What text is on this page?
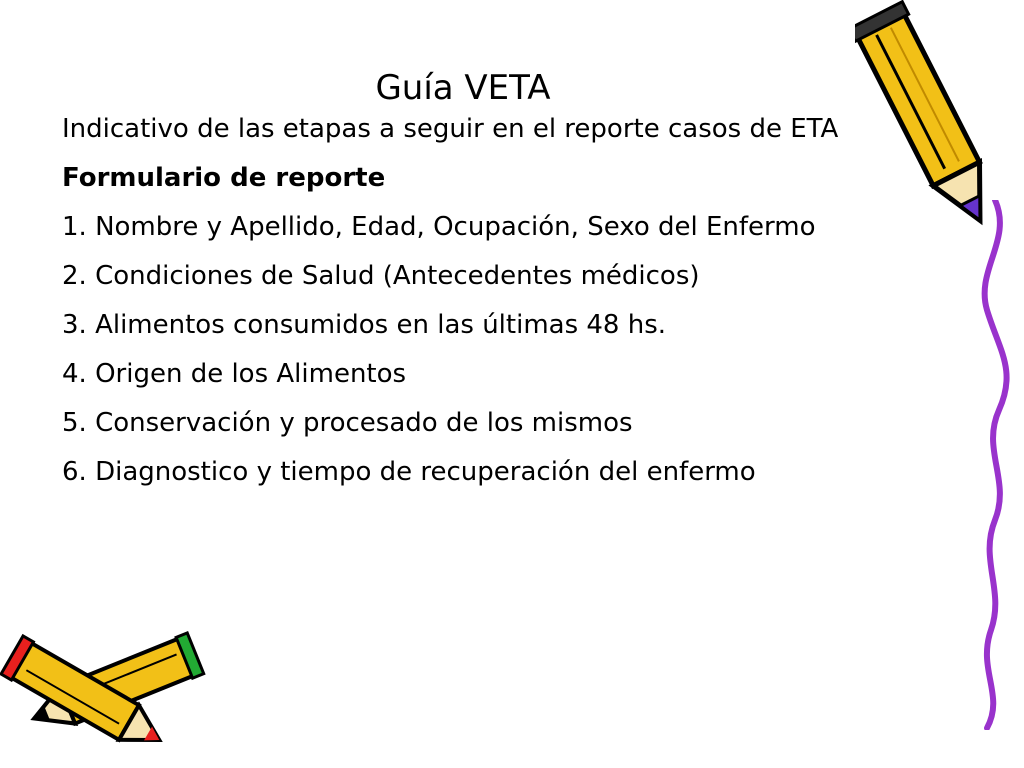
Guía VETA

Indicativo de las etapas a seguir en el reporte casos de ETA

Formulario de reporte

1. Nombre y Apellido, Edad, Ocupación, Sexo del Enfermo

2. Condiciones de Salud (Antecedentes médicos)

3. Alimentos consumidos en las últimas 48 hs.

4. Origen de los Alimentos

5. Conservación y procesado de los mismos

6. Diagnostico y tiempo de recuperación del enfermo
